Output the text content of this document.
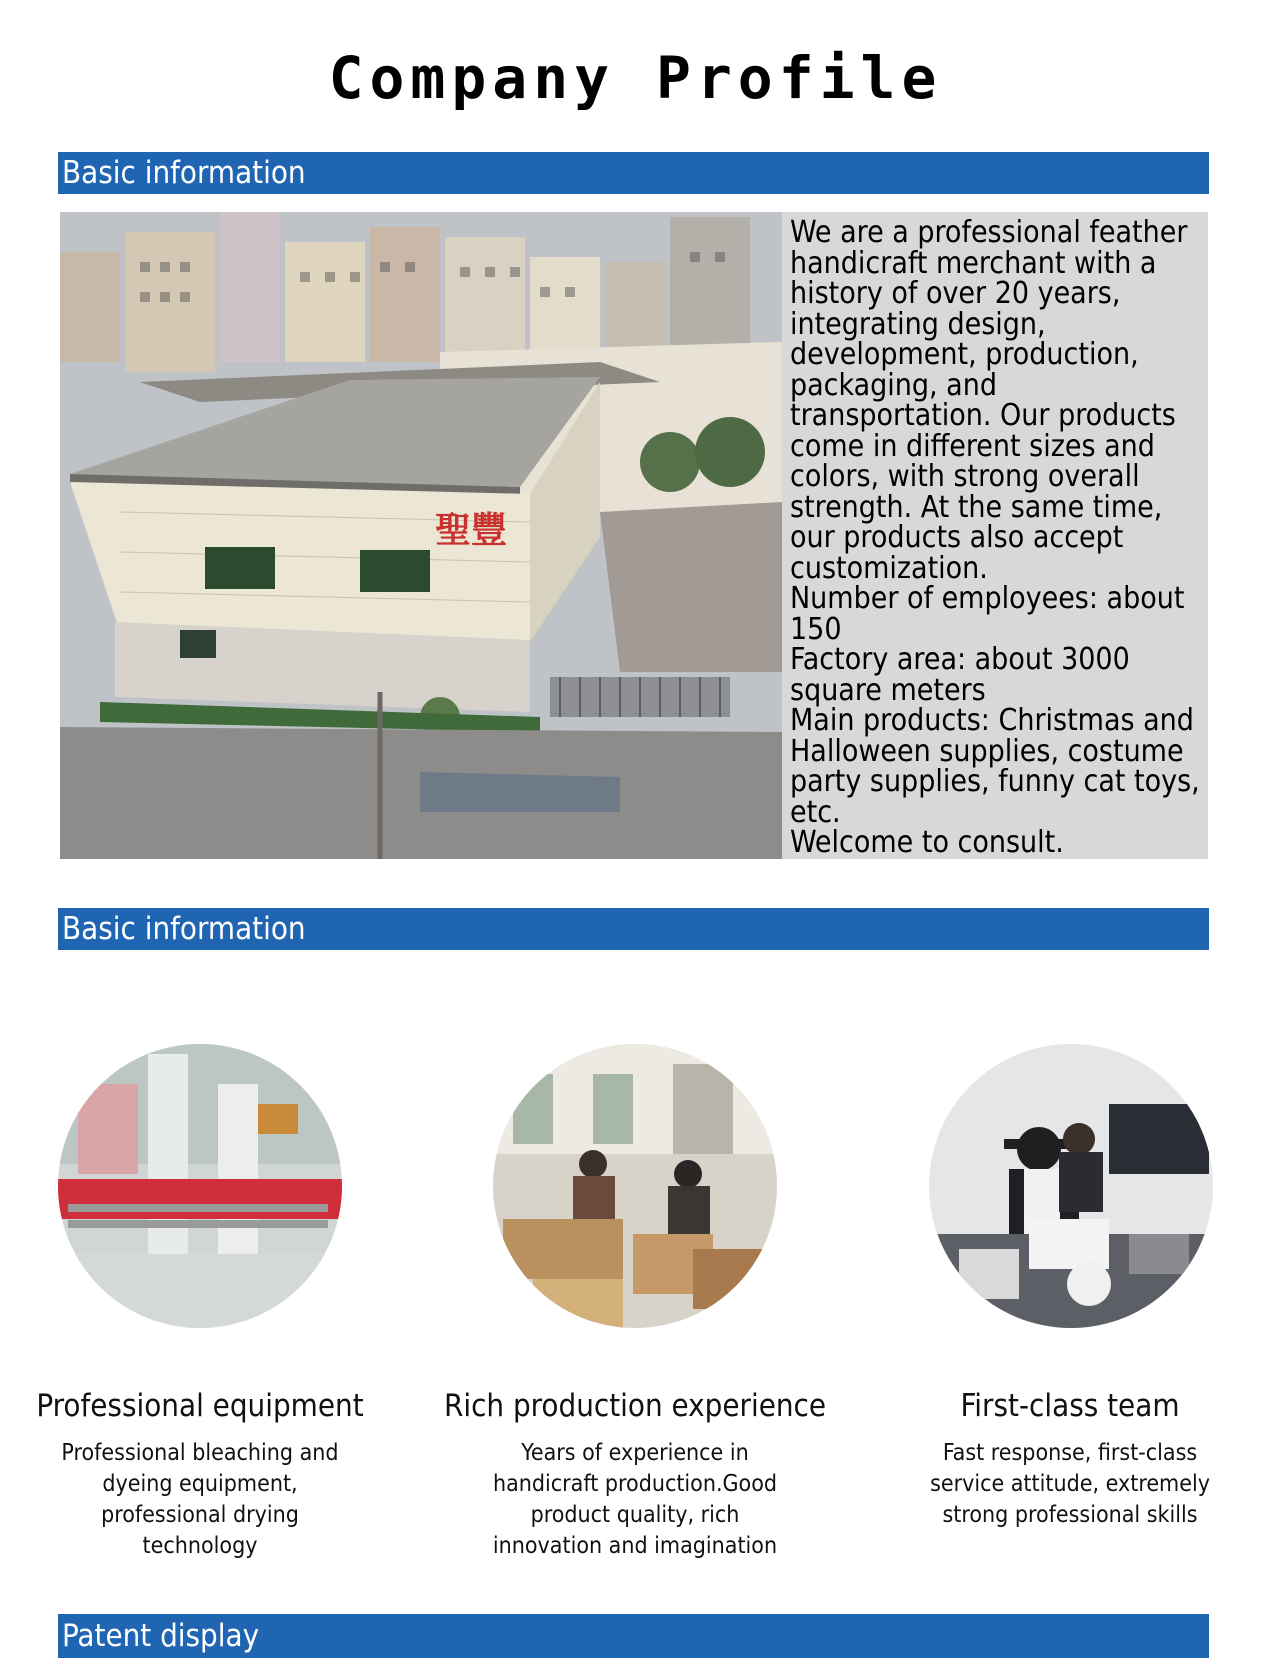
Company Profile
Basic information
聖豐

We are a professional feather handicraft merchant with a history of over 20 years, integrating design, development, production, packaging, and transportation. Our products come in different sizes and colors, with strong overall strength. At the same time, our products also accept customization.

Number of employees: about 150

Factory area: about 3000 square meters

Main products: Christmas and Halloween supplies, costume party supplies, funny cat toys, etc.

Welcome to consult.

Basic information
Professional equipment
Professional bleaching and dyeing equipment, professional drying technology
Rich production experience
Years of experience in handicraft production.Good product quality, rich innovation and imagination
First-class team
Fast response, first-class service attitude, extremely strong professional skills
Patent display
